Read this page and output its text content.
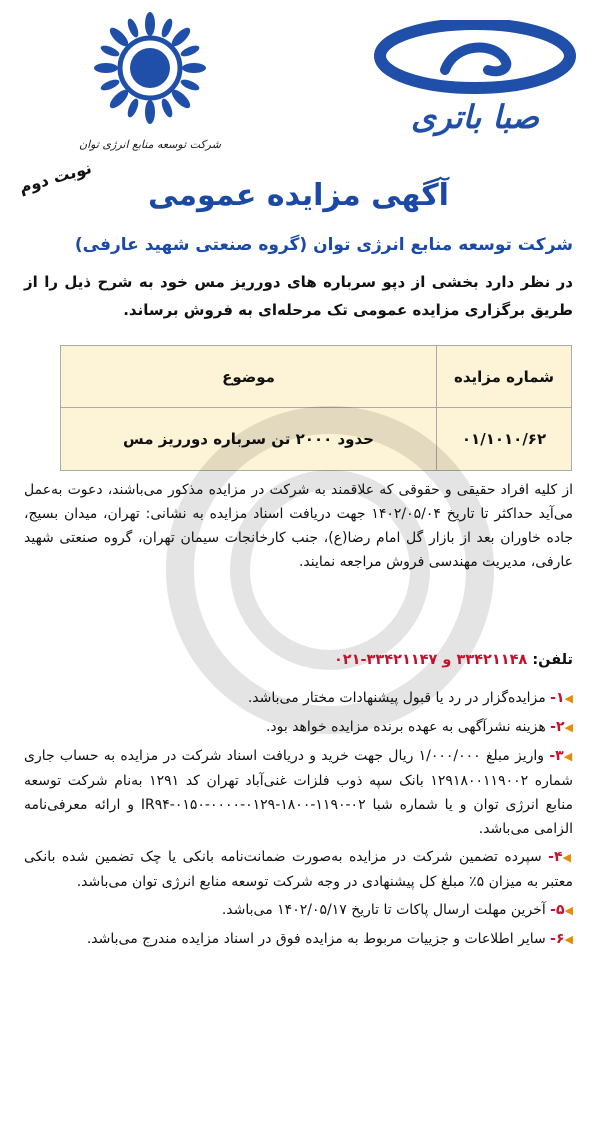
شرکت توسعه منابع انرژی توان
صبا باتری
نوبت دوم	آگهی مزایده عمومی
شرکت توسعه منابع انرژی توان (گروه صنعتی شهید عارفی)
در نظر دارد بخشی از دپو سرباره های دورریز مس خود به شرح ذیل را از طریق برگزاری مزایده عمومی تک مرحله‌ای به فروش برساند.
شماره مزایده
موضوع
۰۱/۱۰۱۰/۶۲
حدود ۲۰۰۰ تن سرباره دورریز مس
از کلیه افراد حقیقی و حقوقی که علاقمند به شرکت در مزایده مذکور می‌باشند، دعوت به‌عمل می‌آید حداکثر تا تاریخ ۱۴۰۲/۰۵/۰۴ جهت دریافت اسناد مزایده به نشانی: تهران، میدان بسیج، جاده خاوران بعد از بازار گل امام رضا(ع)، جنب کارخانجات سیمان تهران، گروه صنعتی شهید عارفی، مدیریت مهندسی فروش مراجعه نمایند.
تلفن: ۳۳۴۲۱۱۴۸ و ۳۳۴۲۱۱۴۷-۰۲۱
◀۱- مزایده‌گزار در رد یا قبول پیشنهادات مختار می‌باشد.
◀۲- هزینه نشرآگهی به عهده برنده مزایده خواهد بود.
◀۳- واریز مبلغ ۱/۰۰۰/۰۰۰ ریال جهت خرید و دریافت اسناد شرکت در مزایده به حساب جاری شماره ۱۲۹۱۸۰۰۱۱۹۰۰۲ بانک سپه ذوب فلزات غنی‌آباد تهران کد ۱۲۹۱ به‌نام شرکت توسعه منابع انرژی توان و یا شماره شبا ۰۲-۱۱۹۰-۱۸۰۰-۰۱۲۹-۰۰۰۰-۰۱۵۰-IR۹۴ و ارائه معرفی‌نامه الزامی می‌باشد.
◀۴- سپرده تضمین شرکت در مزایده به‌صورت ضمانت‌نامه بانکی یا چک تضمین شده بانکی معتبر به میزان ۵٪ مبلغ کل پیشنهادی در وجه شرکت توسعه منابع انرژی توان می‌باشد.
◀۵- آخرین مهلت ارسال پاکات تا تاریخ ۱۴۰۲/۰۵/۱۷ می‌باشد.
◀۶- سایر اطلاعات و جزییات مربوط به مزایده فوق در اسناد مزایده مندرج می‌باشد.
